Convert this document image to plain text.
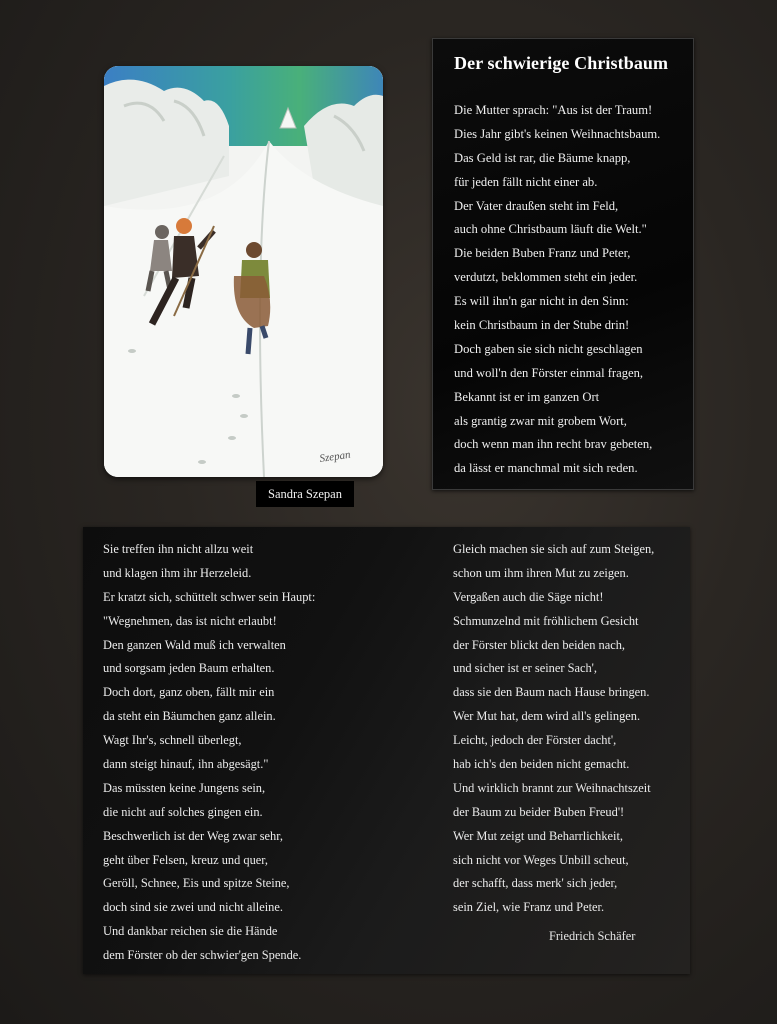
Szepan
Sandra Szepan
Der schwierige Christbaum
Die Mutter sprach: "Aus ist der Traum!
Dies Jahr gibt's keinen Weihnachtsbaum.
Das Geld ist rar, die Bäume knapp,
für jeden fällt nicht einer ab.
Der Vater draußen steht im Feld,
auch ohne Christbaum läuft die Welt."
Die beiden Buben Franz und Peter,
verdutzt, beklommen steht ein jeder.
Es will ihn'n gar nicht in den Sinn:
kein Christbaum in der Stube drin!
Doch gaben sie sich nicht geschlagen
und woll'n den Förster einmal fragen,
Bekannt ist er im ganzen Ort
als grantig zwar mit grobem Wort,
doch wenn man ihn recht brav gebeten,
da lässt er manchmal mit sich reden.
Sie treffen ihn nicht allzu weit
und klagen ihm ihr Herzeleid.
Er kratzt sich, schüttelt schwer sein Haupt:
"Wegnehmen, das ist nicht erlaubt!
Den ganzen Wald muß ich verwalten
und sorgsam jeden Baum erhalten.
Doch dort, ganz oben, fällt mir ein
da steht ein Bäumchen ganz allein.
Wagt Ihr's, schnell überlegt,
dann steigt hinauf, ihn abgesägt."
Das müssten keine Jungens sein,
die nicht auf solches gingen ein.
Beschwerlich ist der Weg zwar sehr,
geht über Felsen, kreuz und quer,
Geröll, Schnee, Eis und spitze Steine,
doch sind sie zwei und nicht alleine.
Und dankbar reichen sie die Hände
dem Förster ob der schwier'gen Spende.
Gleich machen sie sich auf zum Steigen,
schon um ihm ihren Mut zu zeigen.
Vergaßen auch die Säge nicht!
Schmunzelnd mit fröhlichem Gesicht
der Förster blickt den beiden nach,
und sicher ist er seiner Sach',
dass sie den Baum nach Hause bringen.
Wer Mut hat, dem wird all's gelingen.
Leicht, jedoch der Förster dacht',
hab ich's den beiden nicht gemacht.
Und wirklich brannt zur Weihnachtszeit
der Baum zu beider Buben Freud'!
Wer Mut zeigt und Beharrlichkeit,
sich nicht vor Weges Unbill scheut,
der schafft, dass merk' sich jeder,
sein Ziel, wie Franz und Peter.
Friedrich Schäfer
